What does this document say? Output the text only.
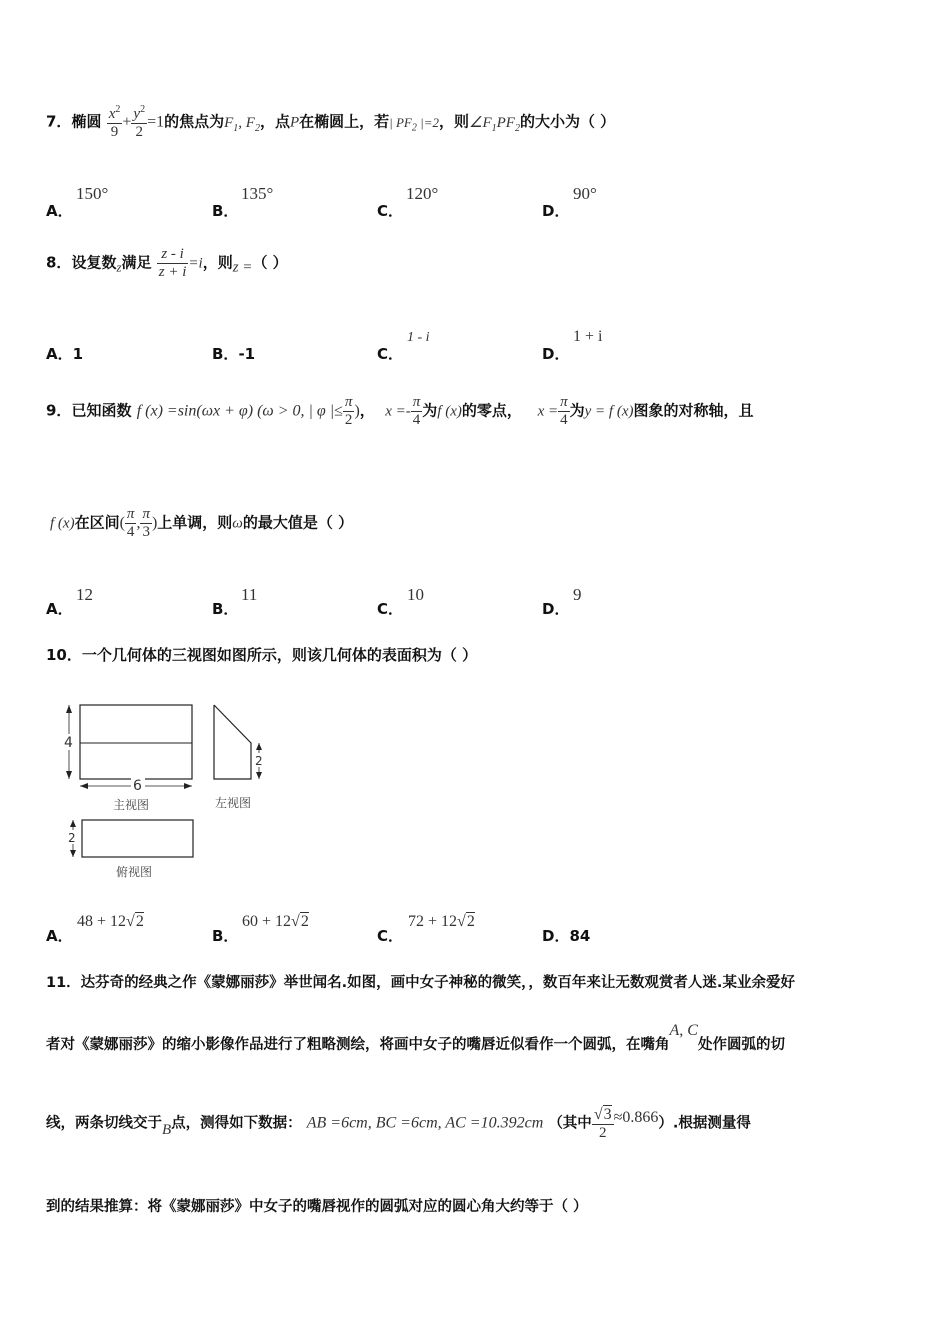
7．椭圆 $\frac{x^2}{9} + \frac{y^2}{2} =1$的焦点为$F_1$, $F_2$，点P在椭圆上，若| $PF_2$ |=2，则$\angle F_1PF_2$的大小为（ ）
A．
150°
B．
135°
C．
120°
D．
90°
8．设复数z满足 $\frac{z - i}{z + i} =i$，则z =（ ）
A．1	B．-1	C．
1 - i
D．
1 + i
9．已知函数 f (x) =sin(ωx + φ) (ω > 0, | φ |≤ $\frac{\pi}{2}$ )， $x =- \frac{\pi}{4}$ 为f (x)的零点， $x = \frac{\pi}{4}$ 为y = f (x)图象的对称轴，且
f (x)在区间( $\frac{\pi}{4}$ , $\frac{\pi}{3}$ )上单调，则ω的最大值是（ ）
A．
12
B．
11
C．
10
D．
9
10．一个几何体的三视图如图所示，则该几何体的表面积为（ ）
4
6
主视图
2
左视图
2
俯视图
A．
48 + 12√2
B．
60 + 12√2
C．
72 + 12√2
D．84
11．达芬奇的经典之作《蒙娜丽莎》举世闻名.如图，画中女子神秘的微笑，，数百年来让无数观赏者人迷.某业余爱好
者对《蒙娜丽莎》的缩小影像作品进行了粗略测绘，将画中女子的嘴唇近似看作一个圆弧，在嘴角A, C处作圆弧的切
线，两条切线交于B点，测得如下数据： AB =6cm, BC =6cm, AC =10.392cm （其中 $\frac{√3}{2} \approx 0.866$）.根据测量得
到的结果推算：将《蒙娜丽莎》中女子的嘴唇视作的圆弧对应的圆心角大约等于（ ）
